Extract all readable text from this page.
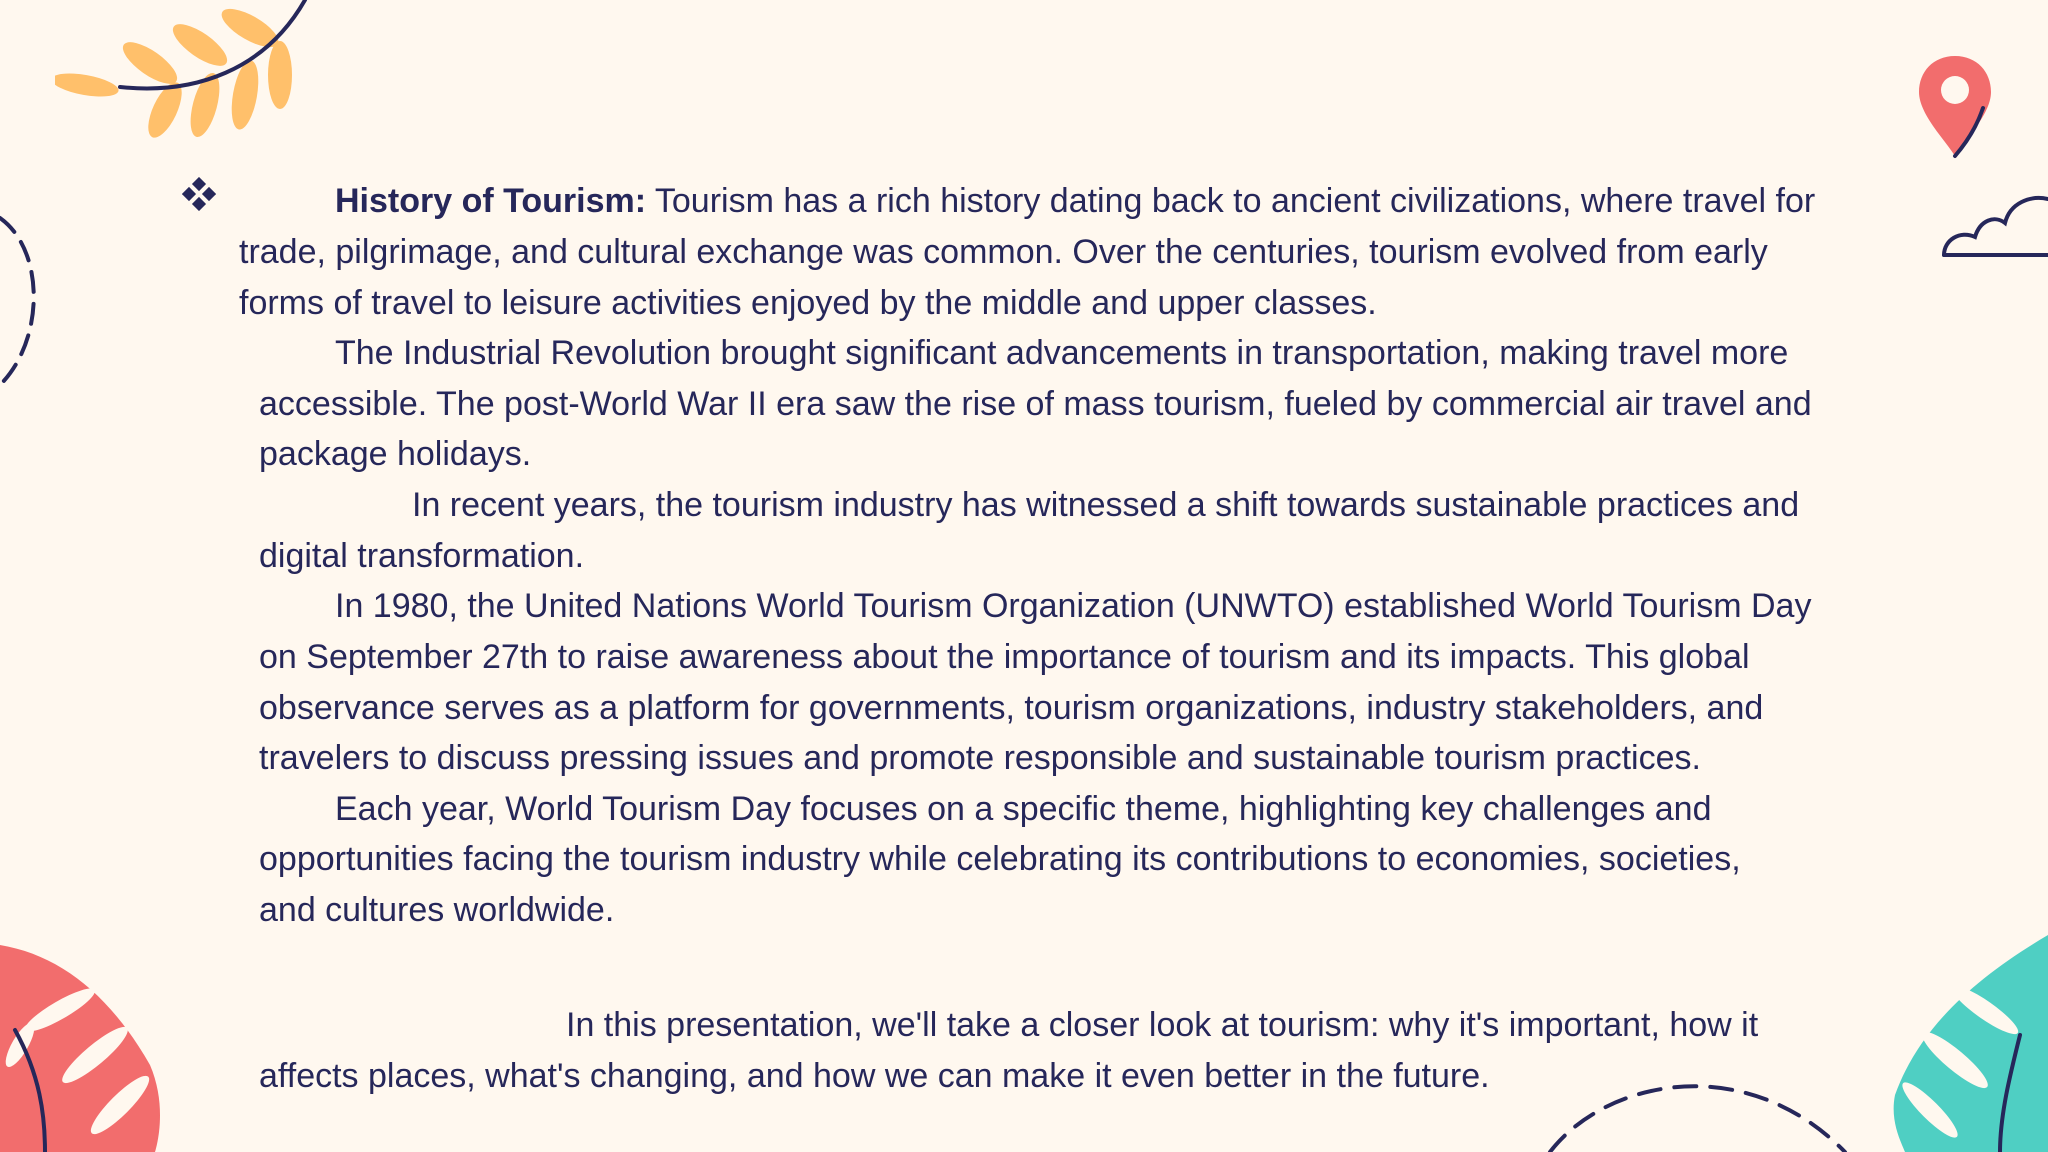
History of Tourism: Tourism has a rich history dating back to ancient civilizations, where travel for
trade, pilgrimage, and cultural exchange was common. Over the centuries, tourism evolved from early
forms of travel to leisure activities enjoyed by the middle and upper classes.
The Industrial Revolution brought significant advancements in transportation, making travel more
accessible. The post-World War II era saw the rise of mass tourism, fueled by commercial air travel and
package holidays.
In recent years, the tourism industry has witnessed a shift towards sustainable practices and
digital transformation.
In 1980, the United Nations World Tourism Organization (UNWTO) established World Tourism Day
on September 27th to raise awareness about the importance of tourism and its impacts. This global
observance serves as a platform for governments, tourism organizations, industry stakeholders, and
travelers to discuss pressing issues and promote responsible and sustainable tourism practices.
Each year, World Tourism Day focuses on a specific theme, highlighting key challenges and
opportunities facing the tourism industry while celebrating its contributions to economies, societies,
and cultures worldwide.
In this presentation, we'll take a closer look at tourism: why it's important, how it
affects places, what's changing, and how we can make it even better in the future.
